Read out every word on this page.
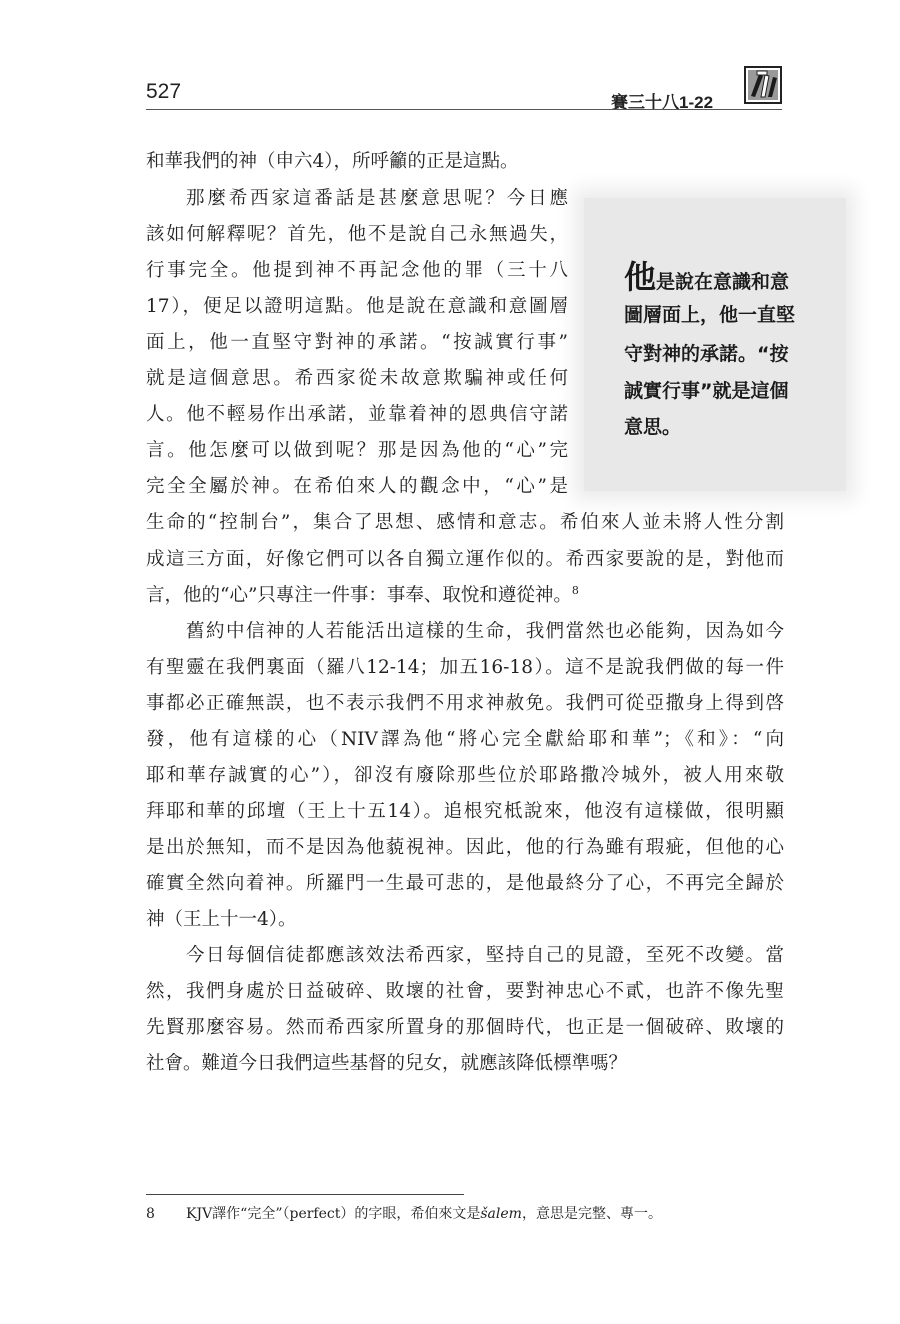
527	賽三十八1-22
他是說在意識和意
圖層面上，他一直堅
守對神的承諾。“按
誠實行事”就是這個
意思。
和華我們的神（申六4），所呼籲的正是這點。
那麼希西家這番話是甚麼意思呢？今日應
該如何解釋呢？首先，他不是說自己永無過失，
行事完全。他提到神不再記念他的罪（三十八
17），便足以證明這點。他是說在意識和意圖層
面上，他一直堅守對神的承諾。“按誠實行事”
就是這個意思。希西家從未故意欺騙神或任何
人。他不輕易作出承諾，並靠着神的恩典信守諾
言。他怎麼可以做到呢？那是因為他的“心”完
完全全屬於神。在希伯來人的觀念中，“心”是
生命的“控制台”，集合了思想、感情和意志。希伯來人並未將人性分割
成這三方面，好像它們可以各自獨立運作似的。希西家要說的是，對他而
言，他的“心”只專注一件事：事奉、取悅和遵從神。$^8$
舊約中信神的人若能活出這樣的生命，我們當然也必能夠，因為如今
有聖靈在我們裏面（羅八12-14；加五16-18）。這不是說我們做的每一件
事都必正確無誤，也不表示我們不用求神赦免。我們可從亞撒身上得到啓
發，他有這樣的心（NIV譯為他“將心完全獻給耶和華”；《和》：“向
耶和華存誠實的心”），卻沒有廢除那些位於耶路撒冷城外，被人用來敬
拜耶和華的邱壇（王上十五14）。追根究柢說來，他沒有這樣做，很明顯
是出於無知，而不是因為他藐視神。因此，他的行為雖有瑕疵，但他的心
確實全然向着神。所羅門一生最可悲的，是他最終分了心，不再完全歸於
神（王上十一4）。
今日每個信徒都應該效法希西家，堅持自己的見證，至死不改變。當
然，我們身處於日益破碎、敗壞的社會，要對神忠心不貳，也許不像先聖
先賢那麼容易。然而希西家所置身的那個時代，也正是一個破碎、敗壞的
社會。難道今日我們這些基督的兒女，就應該降低標準嗎？
8 KJV譯作“完全”（perfect）的字眼，希伯來文是šalem，意思是完整、專一。
